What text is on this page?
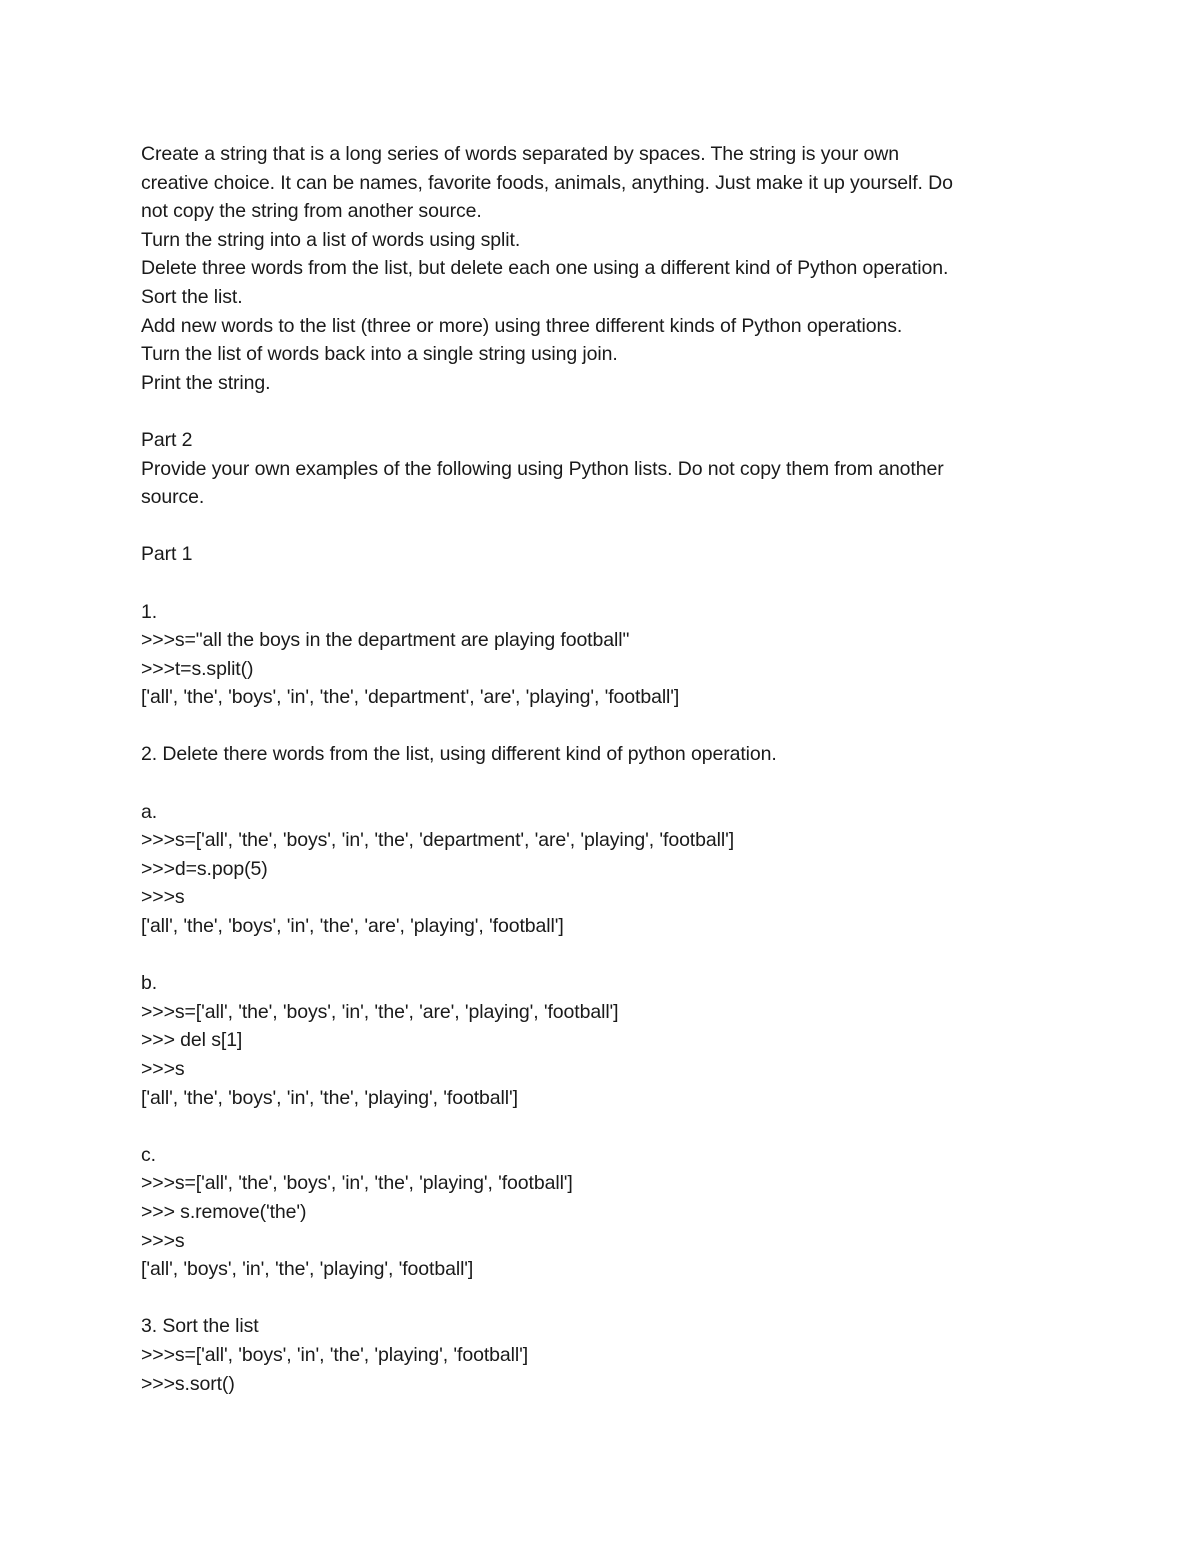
Create a string that is a long series of words separated by spaces. The string is your own
creative choice. It can be names, favorite foods, animals, anything. Just make it up yourself. Do
not copy the string from another source.
Turn the string into a list of words using split.
Delete three words from the list, but delete each one using a different kind of Python operation.
Sort the list.
Add new words to the list (three or more) using three different kinds of Python operations.
Turn the list of words back into a single string using join.
Print the string.
Part 2
Provide your own examples of the following using Python lists. Do not copy them from another
source.
Part 1
1.
>>>s="all the boys in the department are playing football"
>>>t=s.split()
['all', 'the', 'boys', 'in', 'the', 'department', 'are', 'playing', 'football']
2. Delete there words from the list, using different kind of python operation.
a.
>>>s=['all', 'the', 'boys', 'in', 'the', 'department', 'are', 'playing', 'football']
>>>d=s.pop(5)
>>>s
['all', 'the', 'boys', 'in', 'the', 'are', 'playing', 'football']
b.
>>>s=['all', 'the', 'boys', 'in', 'the', 'are', 'playing', 'football']
>>> del s[1]
>>>s
['all', 'the', 'boys', 'in', 'the', 'playing', 'football']
c.
>>>s=['all', 'the', 'boys', 'in', 'the', 'playing', 'football']
>>> s.remove('the')
>>>s
['all', 'boys', 'in', 'the', 'playing', 'football']
3. Sort the list
>>>s=['all', 'boys', 'in', 'the', 'playing', 'football']
>>>s.sort()
